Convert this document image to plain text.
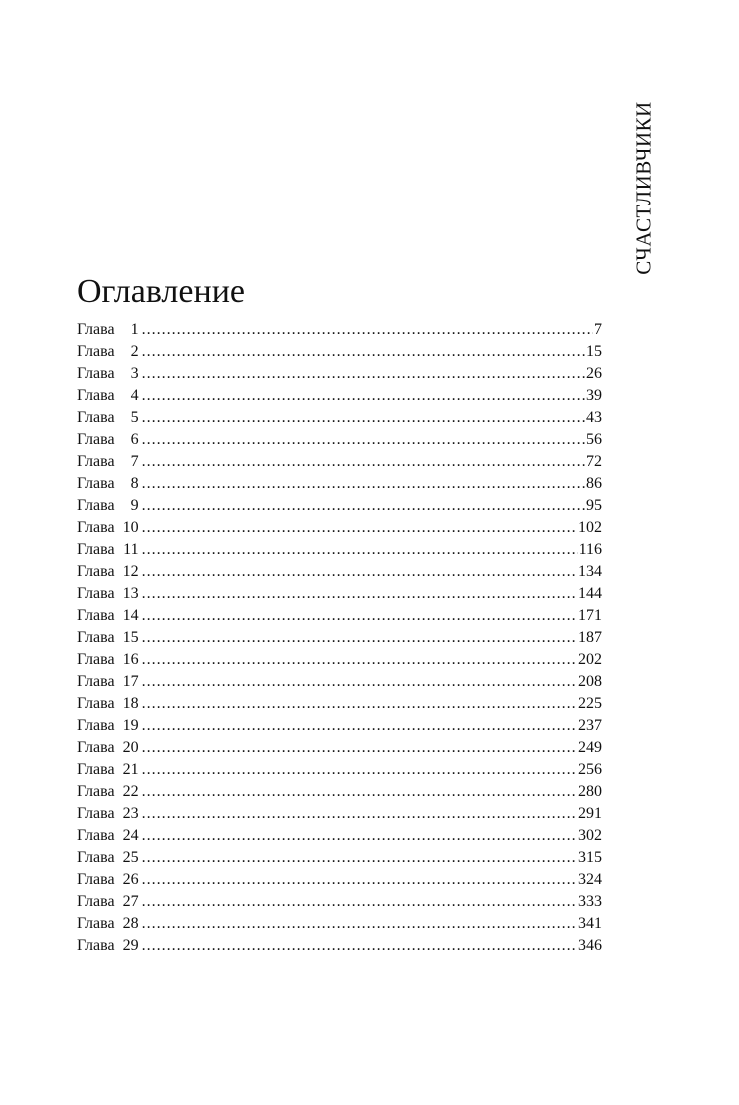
СЧАСТЛИВЧИКИ
Оглавление
Глава	1 .....	7
Глава	2 .....	15
Глава	3 .....	26
Глава	4 .....	39
Глава	5 .....	43
Глава	6 .....	56
Глава	7 .....	72
Глава	8 .....	86
Глава	9 .....	95
Глава 10 .....	102
Глава 11 .....	116
Глава 12 .....	134
Глава 13 .....	144
Глава 14 .....	171
Глава 15 .....	187
Глава 16 .....	202
Глава 17 .....	208
Глава 18 .....	225
Глава 19 .....	237
Глава 20 .....	249
Глава 21 .....	256
Глава 22 .....	280
Глава 23 .....	291
Глава 24 .....	302
Глава 25 .....	315
Глава 26 .....	324
Глава 27 .....	333
Глава 28 .....	341
Глава 29 .....	346
